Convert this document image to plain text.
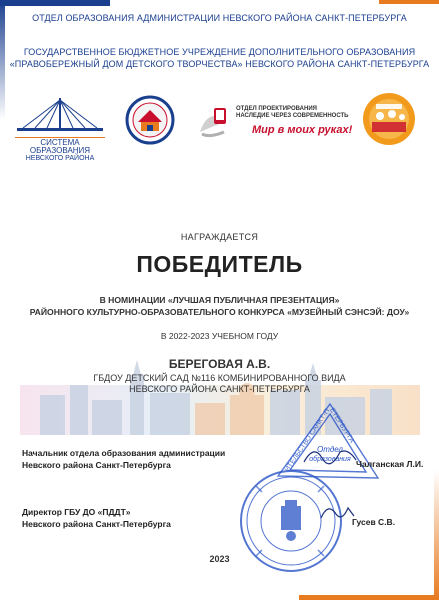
ОТДЕЛ ОБРАЗОВАНИЯ АДМИНИСТРАЦИИ НЕВСКОГО РАЙОНА САНКТ-ПЕТЕРБУРГА
ГОСУДАРСТВЕННОЕ БЮДЖЕТНОЕ УЧРЕЖДЕНИЕ ДОПОЛНИТЕЛЬНОГО ОБРАЗОВАНИЯ
«ПРАВОБЕРЕЖНЫЙ ДОМ ДЕТСКОГО ТВОРЧЕСТВА» НЕВСКОГО РАЙОНА САНКТ-ПЕТЕРБУРГА
СИСТЕМА ОБРАЗОВАНИЯ
НЕВСКОГО РАЙОНА
ОТДЕЛ ПРОЕКТИРОВАНИЯ
НАСЛЕДИЕ ЧЕРЕЗ СОВРЕМЕННОСТЬ
Мир в моих руках!
НАГРАЖДАЕТСЯ
ПОБЕДИТЕЛЬ
В НОМИНАЦИИ «ЛУЧШАЯ ПУБЛИЧНАЯ ПРЕЗЕНТАЦИЯ»
РАЙОННОГО КУЛЬТУРНО-ОБРАЗОВАТЕЛЬНОГО КОНКУРСА «МУЗЕЙНЫЙ СЭНСЭЙ: ДОУ»
В 2022-2023 УЧЕБНОМ ГОДУ
БЕРЕГОВАЯ А.В.
ГБДОУ ДЕТСКИЙ САД №116 КОМБИНИРОВАННОГО ВИДА
НЕВСКОГО РАЙОНА САНКТ-ПЕТЕРБУРГА
ИТЕЛЬСТВО САНКТ-ПЕТЕРБУРГА
Отдел
образования
Начальник отдела образования администрации
Невского района Санкт-Петербурга	Чалганская Л.И.
Директор ГБУ ДО «ПДДТ»
Невского района Санкт-Петербурга	Гусев С.В.
2023
